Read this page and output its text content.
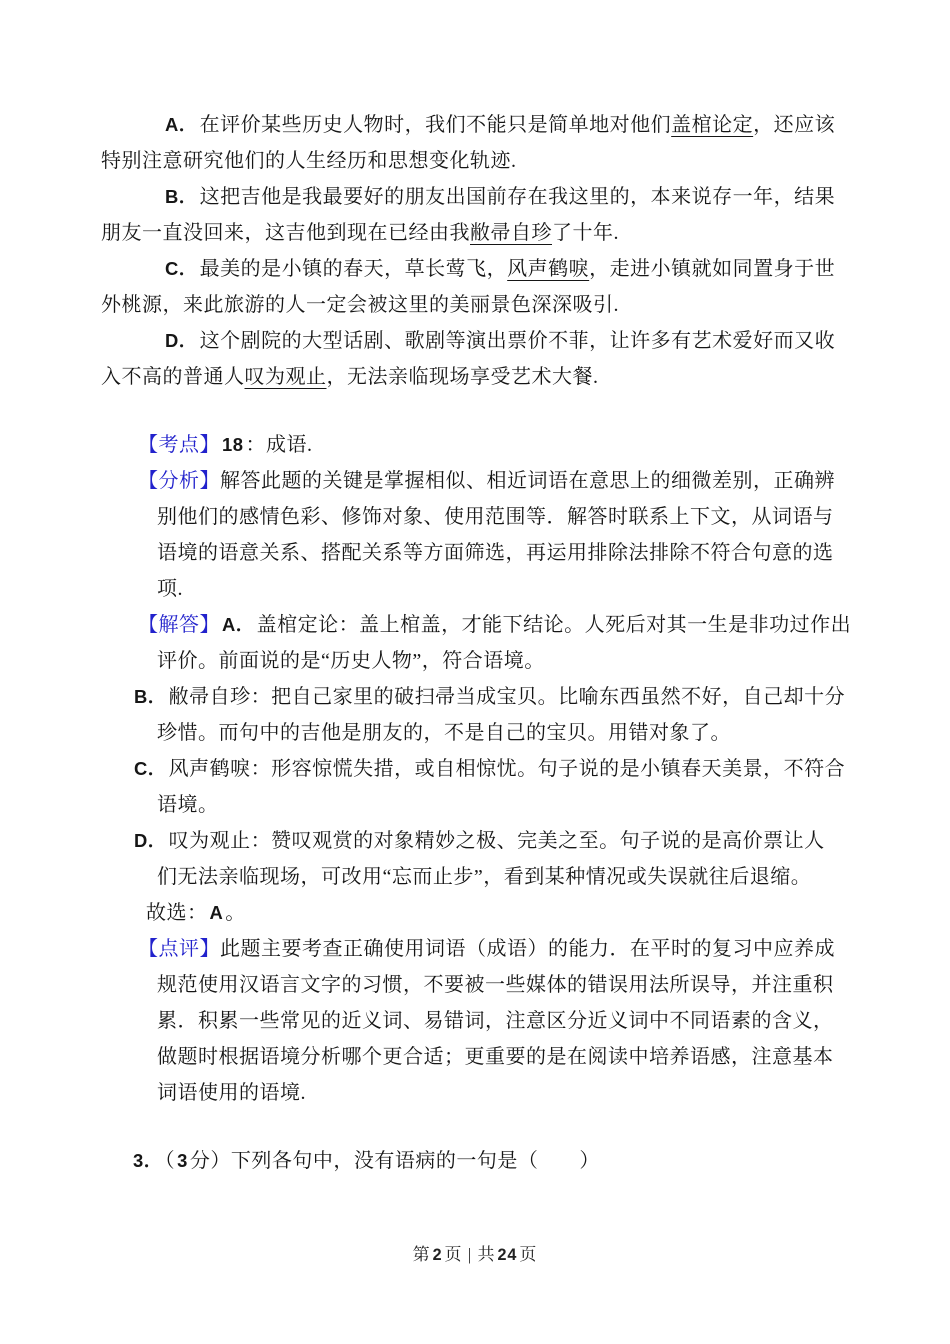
A． 在评价某些历史人物时，我们不能只是简单地对他们盖棺论定，还应该
特别注意研究他们的人生经历和思想变化轨迹.
B． 这把吉他是我最要好的朋友出国前存在我这里的，本来说存一年，结果
朋友一直没回来，这吉他到现在已经由我敝帚自珍了十年.
C． 最美的是小镇的春天，草长莺飞，风声鹤唳，走进小镇就如同置身于世
外桃源，来此旅游的人一定会被这里的美丽景色深深吸引.
D． 这个剧院的大型话剧、歌剧等演出票价不菲，让许多有艺术爱好而又收
入不高的普通人叹为观止，无法亲临现场享受艺术大餐.
【考点】 18 ：成语.
【分析】解答此题的关键是掌握相似、相近词语在意思上的细微差别，正确辨
别他们的感情色彩、修饰对象、使用范围等．解答时联系上下文，从词语与
语境的语意关系、搭配关系等方面筛选，再运用排除法排除不符合句意的选
项.
【解答】 A． 盖棺定论：盖上棺盖，才能下结论。人死后对其一生是非功过作出
评价。前面说的是“历史人物”，符合语境。
B． 敝帚自珍：把自己家里的破扫帚当成宝贝。比喻东西虽然不好，自己却十分
珍惜。而句中的吉他是朋友的，不是自己的宝贝。用错对象了。
C． 风声鹤唳：形容惊慌失措，或自相惊忧。句子说的是小镇春天美景，不符合
语境。
D． 叹为观止：赞叹观赏的对象精妙之极、完美之至。句子说的是高价票让人
们无法亲临现场，可改用“忘而止步”，看到某种情况或失误就往后退缩。
故选： A 。
【点评】此题主要考查正确使用词语（成语）的能力．在平时的复习中应养成
规范使用汉语言文字的习惯，不要被一些媒体的错误用法所误导，并注重积
累．积累一些常见的近义词、易错词，注意区分近义词中不同语素的含义，
做题时根据语境分析哪个更合适；更重要的是在阅读中培养语感，注意基本
词语使用的语境.
3． （ 3 分）下列各句中，没有语病的一句是（　　）
第 2 页 | 共 24 页
